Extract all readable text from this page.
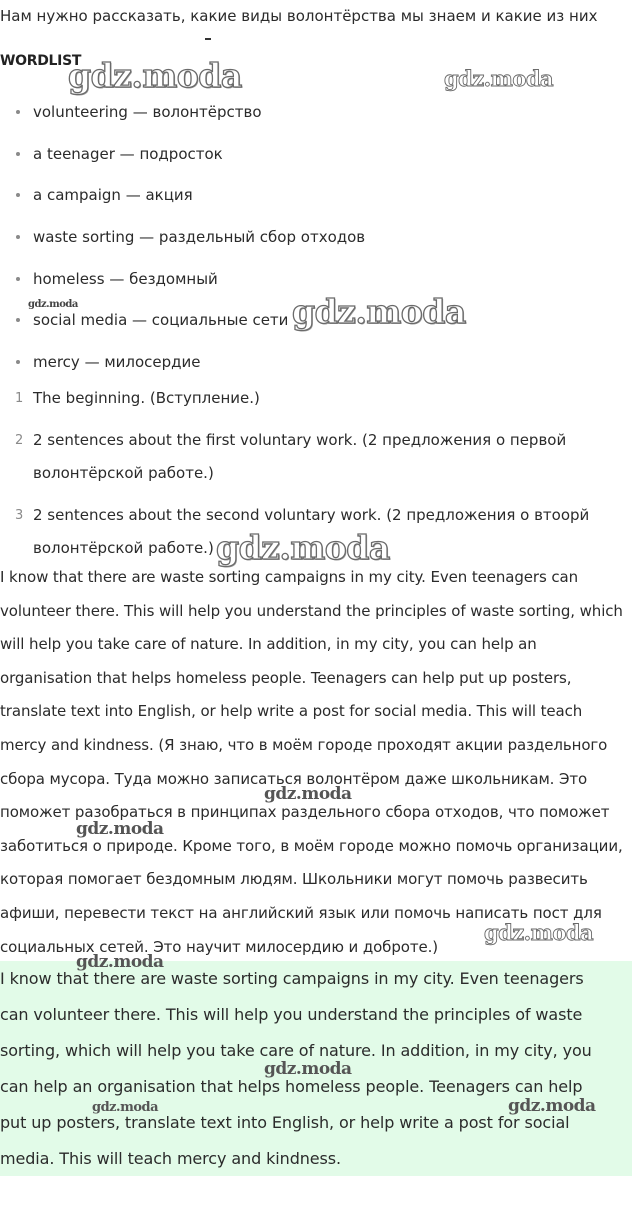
Нам нужно рассказать, какие виды волонтёрства мы знаем и какие из них
WORDLIST
volunteering — волонтёрство
a teenager — подросток
a campaign — акция
waste sorting — раздельный сбор отходов
homeless — бездомный
social media — социальные сети
mercy — милосердие
1 The beginning. (Вступление.)
2 2 sentences about the first voluntary work. (2 предложения о первой волонтёрской работе.)
3 2 sentences about the second voluntary work. (2 предложения о втоорй волонтёрской работе.)
I know that there are waste sorting campaigns in my city. Even teenagers can volunteer there. This will help you understand the principles of waste sorting, which will help you take care of nature. In addition, in my city, you can help an organisation that helps homeless people. Teenagers can help put up posters, translate text into English, or help write a post for social media. This will teach mercy and kindness. (Я знаю, что в моём городе проходят акции раздельного сбора мусора. Туда можно записаться волонтёром даже школьникам. Это поможет разобраться в принципах раздельного сбора отходов, что поможет заботиться о природе. Кроме того, в моём городе можно помочь организации, которая помогает бездомным людям. Школьники могут помочь развесить афиши, перевести текст на английский язык или помочь написать пост для социальных сетей. Это научит милосердию и доброте.)
I know that there are waste sorting campaigns in my city. Even teenagers can volunteer there. This will help you understand the principles of waste sorting, which will help you take care of nature. In addition, in my city, you can help an organisation that helps homeless people. Teenagers can help put up posters, translate text into English, or help write a post for social media. This will teach mercy and kindness.
gdz.moda	gdz.moda
gdz.moda	gdz.moda
gdz.moda
gdz.moda
gdz.moda
gdz.moda
gdz.moda
gdz.moda
gdz.moda	gdz.moda
